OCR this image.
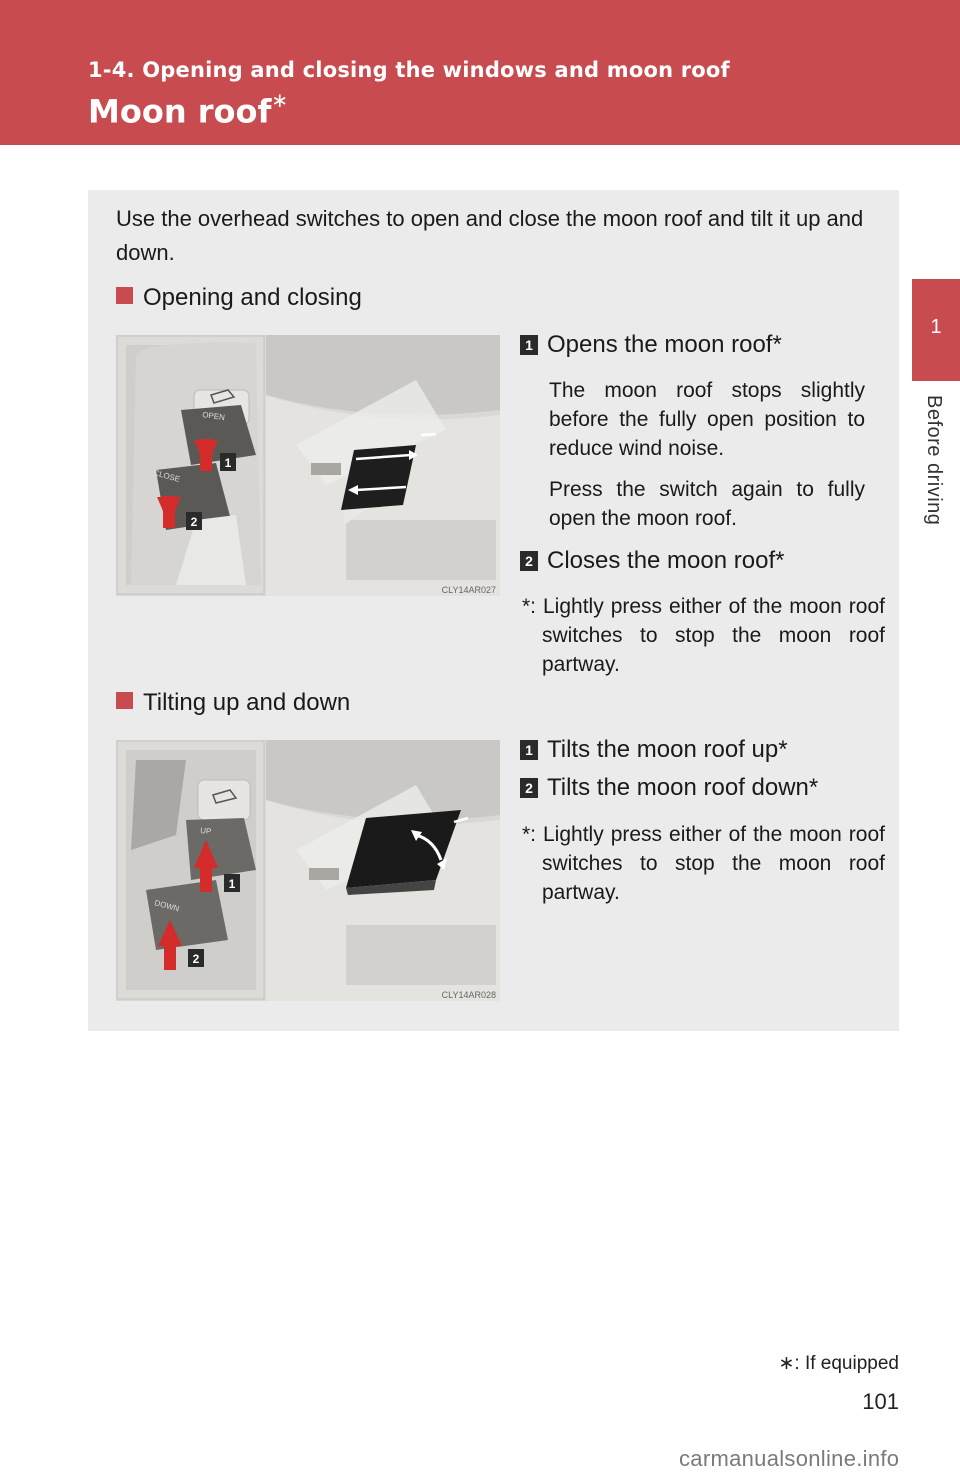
1-4. Opening and closing the windows and moon roof
Moon roof∗
1
Before driving
Use the overhead switches to open and close the moon roof and tilt it up and down.
Opening and closing
OPEN
CLOSE
1
2
CLY14AR027
1 Opens the moon roof*
The moon roof stops slightly before the fully open position to reduce wind noise.
Press the switch again to fully open the moon roof.
2 Closes the moon roof*
*: Lightly press either of the moon roof switches to stop the moon roof partway.
Tilting up and down
UP
DOWN
1
2
CLY14AR028
1 Tilts the moon roof up*
2 Tilts the moon roof down*
*: Lightly press either of the moon roof switches to stop the moon roof partway.
∗: If equipped
101
carmanualsonline.info
